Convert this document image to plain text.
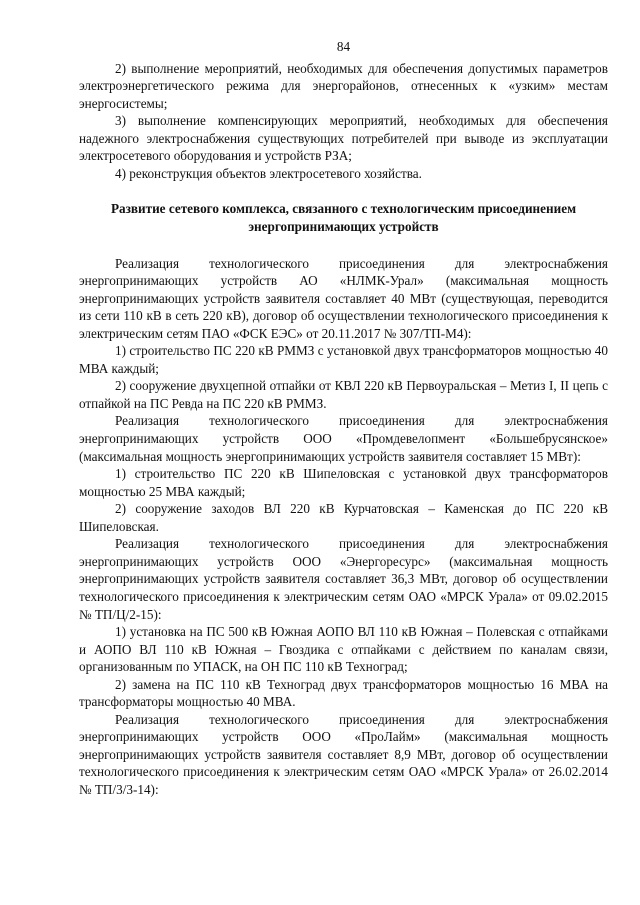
84

2) выполнение мероприятий, необходимых для обеспечения допустимых параметров электроэнергетического режима для энергорайонов, отнесенных к «узким» местам энергосистемы;

3) выполнение компенсирующих мероприятий, необходимых для обеспечения надежного электроснабжения существующих потребителей при выводе из эксплуатации электросетевого оборудования и устройств РЗА;

4) реконструкция объектов электросетевого хозяйства.

Развитие сетевого комплекса, связанного с технологическим присоединением энергопринимающих устройств

Реализация технологического присоединения для электроснабжения энергопринимающих устройств АО «НЛМК-Урал» (максимальная мощность энергопринимающих устройств заявителя составляет 40 МВт (существующая, переводится из сети 110 кВ в сеть 220 кВ), договор об осуществлении технологического присоединения к электрическим сетям ПАО «ФСК ЕЭС» от 20.11.2017 № 307/ТП-М4):

1) строительство ПС 220 кВ РММЗ с установкой двух трансформаторов мощностью 40 МВА каждый;

2) сооружение двухцепной отпайки от КВЛ 220 кВ Первоуральская – Метиз I, II цепь с отпайкой на ПС Ревда на ПС 220 кВ РММЗ.

Реализация технологического присоединения для электроснабжения энергопринимающих устройств ООО «Промдевелопмент «Большебрусянское» (максимальная мощность энергопринимающих устройств заявителя составляет 15 МВт):

1) строительство ПС 220 кВ Шипеловская с установкой двух трансформаторов мощностью 25 МВА каждый;

2) сооружение заходов ВЛ 220 кВ Курчатовская – Каменская до ПС 220 кВ Шипеловская.

Реализация технологического присоединения для электроснабжения энергопринимающих устройств ООО «Энергоресурс» (максимальная мощность энергопринимающих устройств заявителя составляет 36,3 МВт, договор об осуществлении технологического присоединения к электрическим сетям ОАО «МРСК Урала» от 09.02.2015 № ТП/Ц/2-15):

1) установка на ПС 500 кВ Южная АОПО ВЛ 110 кВ Южная – Полевская с отпайками и АОПО ВЛ 110 кВ Южная – Гвоздика с отпайками с действием по каналам связи, организованным по УПАСК, на ОН ПС 110 кВ Техноград;

2) замена на ПС 110 кВ Техноград двух трансформаторов мощностью 16 МВА на трансформаторы мощностью 40 МВА.

Реализация технологического присоединения для электроснабжения энергопринимающих устройств ООО «ПроЛайм» (максимальная мощность энергопринимающих устройств заявителя составляет 8,9 МВт, договор об осуществлении технологического присоединения к электрическим сетям ОАО «МРСК Урала» от 26.02.2014 № ТП/3/3-14):
